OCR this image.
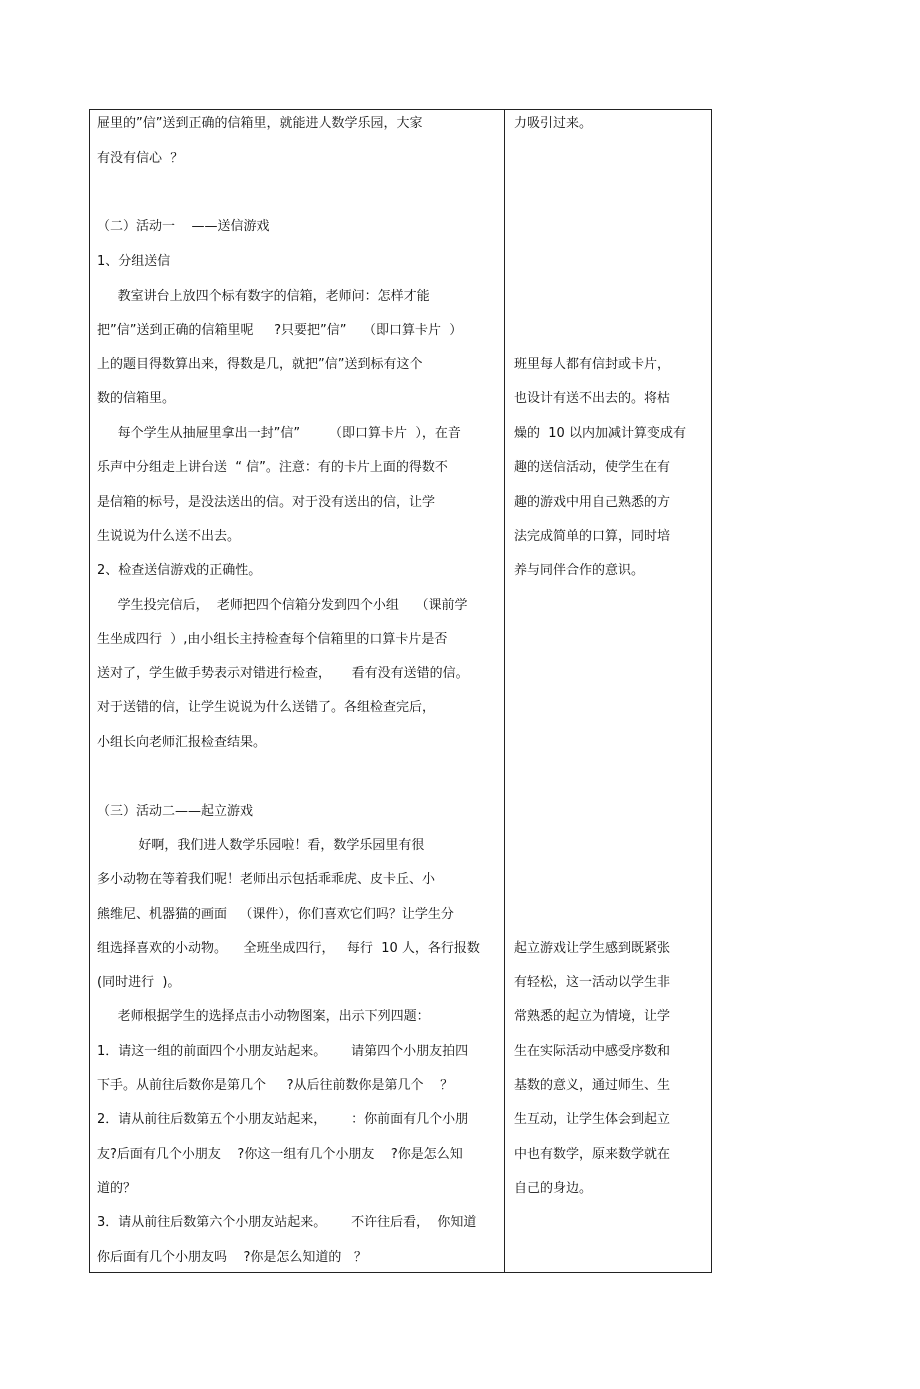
屉里的”信”送到正确的信箱里，就能进人数学乐园，大家
有没有信心  ？
（二）活动一    ——送信游戏
1、分组送信
教室讲台上放四个标有数字的信箱，老师问：怎样才能
把”信”送到正确的信箱里呢     ?只要把”信”    （即口算卡片  ）
上的题目得数算出来，得数是几，就把”信”送到标有这个
数的信箱里。
每个学生从抽屉里拿出一封”信”       （即口算卡片  ），在音
乐声中分组走上讲台送  “ 信”。注意：有的卡片上面的得数不
是信箱的标号，是没法送出的信。对于没有送出的信，让学
生说说为什么送不出去。
2、检查送信游戏的正确性。
学生投完信后，  老师把四个信箱分发到四个小组    （课前学
生坐成四行  ）,由小组长主持检查每个信箱里的口算卡片是否
送对了，学生做手势表示对错进行检查，     看有没有送错的信。
对于送错的信，让学生说说为什么送错了。各组检查完后，
小组长向老师汇报检查结果。
（三）活动二——起立游戏
好啊，我们进人数学乐园啦！看，数学乐园里有很
多小动物在等着我们呢！老师出示包括乖乖虎、皮卡丘、小
熊维尼、机器猫的画面   （课件），你们喜欢它们吗？让学生分
组选择喜欢的小动物。    全班坐成四行，   每行  10 人，各行报数
(同时进行  )。
老师根据学生的选择点击小动物图案，出示下列四题：
1．请这一组的前面四个小朋友站起来。      请第四个小朋友拍四
下手。从前往后数你是第几个     ?从后往前数你是第几个    ？
2．请从前往后数第五个小朋友站起来，      ：你前面有几个小朋
友?后面有几个小朋友    ?你这一组有几个小朋友    ?你是怎么知
道的？
3．请从前往后数第六个小朋友站起来。      不许往后看，  你知道
你后面有几个小朋友吗    ?你是怎么知道的   ？
力吸引过来。
班里每人都有信封或卡片，
也设计有送不出去的。将枯
燥的  10 以内加减计算变成有
趣的送信活动，使学生在有
趣的游戏中用自己熟悉的方
法完成简单的口算，同时培
养与同伴合作的意识。
起立游戏让学生感到既紧张
有轻松，这一活动以学生非
常熟悉的起立为情境，让学
生在实际活动中感受序数和
基数的意义，通过师生、生
生互动，让学生体会到起立
中也有数学，原来数学就在
自己的身边。
